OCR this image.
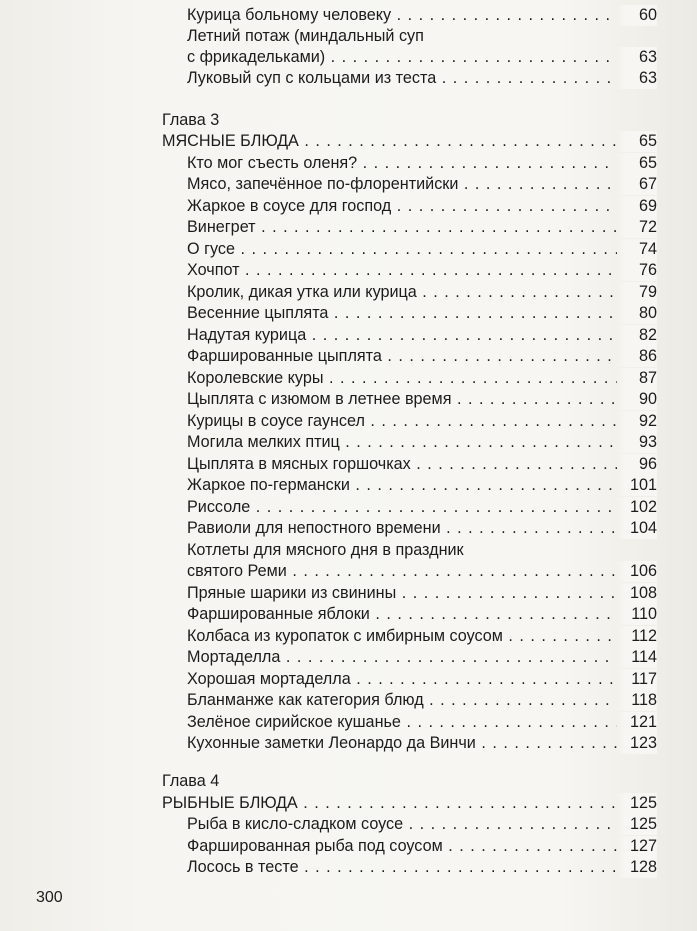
Курица больному человеку . . .	60
Летний потаж (миндальный суп
с фрикадельками) . . .	63
Луковый суп с кольцами из теста . . .	63
Глава 3
МЯСНЫЕ БЛЮДА . . .	65
Кто мог съесть оленя? . . .	65
Мясо, запечённое по-флорентийски . . .	67
Жаркое в соусе для господ . . .	69
Винегрет . . .	72
О гусе . . .	74
Хочпот . . .	76
Кролик, дикая утка или курица . . .	79
Весенние цыплята . . .	80
Надутая курица . . .	82
Фаршированные цыплята . . .	86
Королевские куры . . .	87
Цыплята с изюмом в летнее время . . .	90
Курицы в соусе гаунсел . . .	92
Могила мелких птиц . . .	93
Цыплята в мясных горшочках . . .	96
Жаркое по-германски . . .	101
Риссоле . . .	102
Равиоли для непостного времени . . .	104
Котлеты для мясного дня в праздник
святого Реми . . .	106
Пряные шарики из свинины . . .	108
Фаршированные яблоки . . .	110
Колбаса из куропаток с имбирным соусом . . .	112
Мортаделла . . .	114
Хорошая мортаделла . . .	117
Бланманже как категория блюд . . .	118
Зелёное сирийское кушанье . . .	121
Кухонные заметки Леонардо да Винчи . . .	123
Глава 4
РЫБНЫЕ БЛЮДА . . .	125
Рыба в кисло-сладком соусе . . .	125
Фаршированная рыба под соусом . . .	127
Лосось в тесте . . .	128
300
